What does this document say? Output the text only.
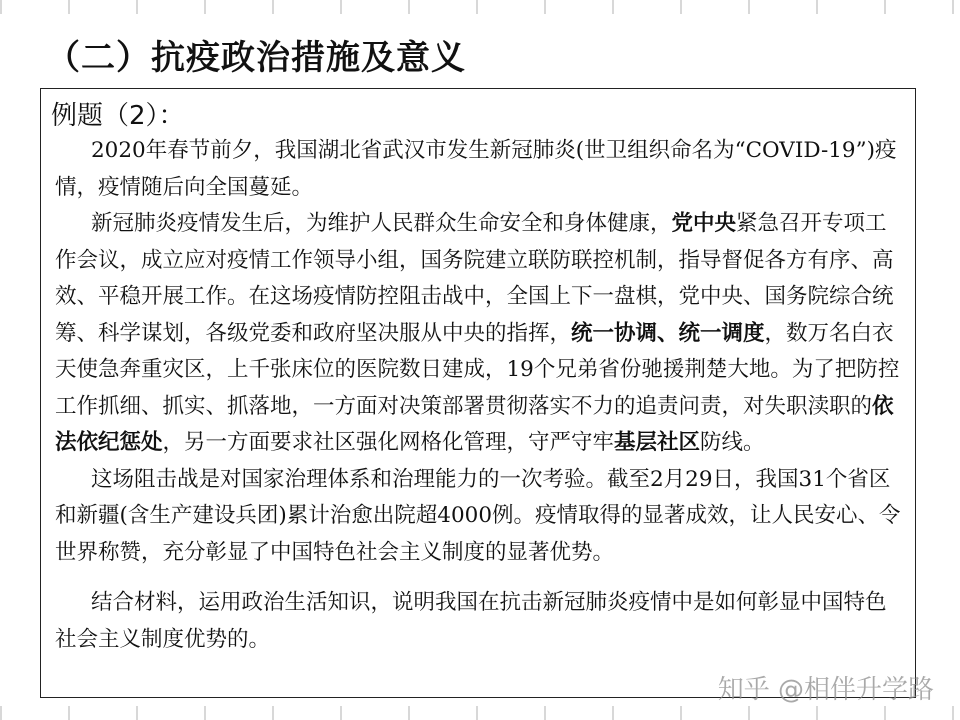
（二）抗疫政治措施及意义
例题（2）：

2020年春节前夕，我国湖北省武汉市发生新冠肺炎(世卫组织命名为“COVID-19”)疫情，疫情随后向全国蔓延。

新冠肺炎疫情发生后，为维护人民群众生命安全和身体健康，党中央紧急召开专项工作会议，成立应对疫情工作领导小组，国务院建立联防联控机制，指导督促各方有序、高效、平稳开展工作。在这场疫情防控阻击战中，全国上下一盘棋，党中央、国务院综合统筹、科学谋划，各级党委和政府坚决服从中央的指挥，统一协调、统一调度，数万名白衣天使急奔重灾区，上千张床位的医院数日建成，19个兄弟省份驰援荆楚大地。为了把防控工作抓细、抓实、抓落地，一方面对决策部署贯彻落实不力的追责问责，对失职渎职的依法依纪惩处，另一方面要求社区强化网格化管理，守严守牢基层社区防线。

这场阻击战是对国家治理体系和治理能力的一次考验。截至2月29日，我国31个省区和新疆(含生产建设兵团)累计治愈出院超4000例。疫情取得的显著成效，让人民安心、令世界称赞，充分彰显了中国特色社会主义制度的显著优势。

结合材料，运用政治生活知识，说明我国在抗击新冠肺炎疫情中是如何彰显中国特色社会主义制度优势的。

知乎 @相伴升学路
